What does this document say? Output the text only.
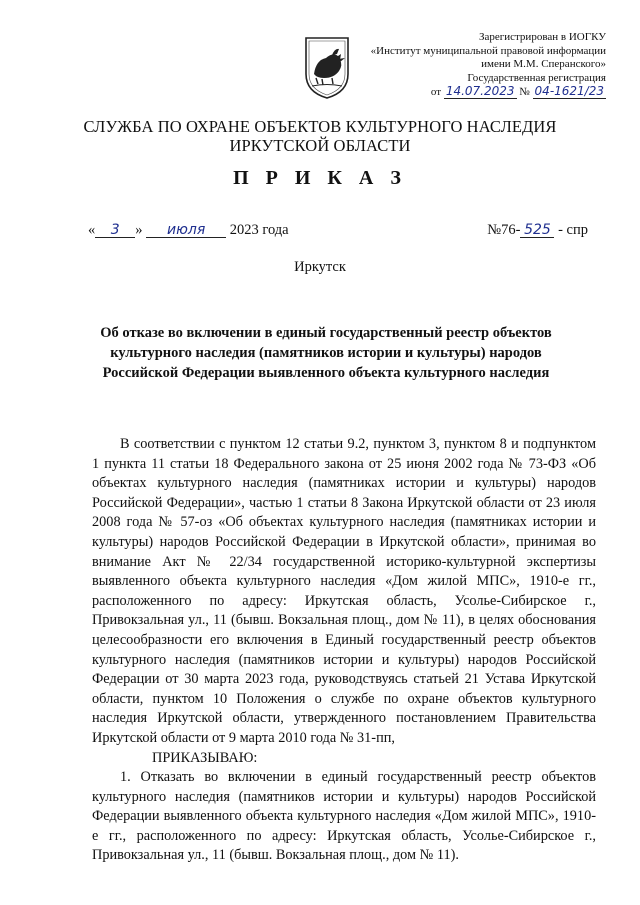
Зарегистрирован в ИОГКУ
«Институт муниципальной правовой информации
имени М.М. Сперанского»
Государственная регистрация
от 14.07.2023 № 04-1621/23
СЛУЖБА ПО ОХРАНЕ ОБЪЕКТОВ КУЛЬТУРНОГО НАСЛЕДИЯ
ИРКУТСКОЙ ОБЛАСТИ
П Р И К А З
« 3 » июля 2023 года	№76- 525 - спр
Иркутск
Об отказе во включении в единый государственный реестр объектов культурного наследия (памятников истории и культуры) народов Российской Федерации выявленного объекта культурного наследия

В соответствии с пунктом 12 статьи 9.2, пунктом 3, пунктом 8 и подпунктом 1 пункта 11 статьи 18 Федерального закона от 25 июня 2002 года № 73-ФЗ «Об объектах культурного наследия (памятниках истории и культуры) народов Российской Федерации», частью 1 статьи 8 Закона Иркутской области от 23 июля 2008 года № 57-оз «Об объектах культурного наследия (памятниках истории и культуры) народов Российской Федерации в Иркутской области», принимая во внимание Акт № 22/34 государственной историко-культурной экспертизы выявленного объекта культурного наследия «Дом жилой МПС», 1910-е гг., расположенного по адресу: Иркутская область, Усолье-Сибирское г., Привокзальная ул., 11 (бывш. Вокзальная площ., дом № 11), в целях обоснования целесообразности его включения в Единый государственный реестр объектов культурного наследия (памятников истории и культуры) народов Российской Федерации от 30 марта 2023 года, руководствуясь статьей 21 Устава Иркутской области, пунктом 10 Положения о службе по охране объектов культурного наследия Иркутской области, утвержденного постановлением Правительства Иркутской области от 9 марта 2010 года № 31-пп,

ПРИКАЗЫВАЮ:

1. Отказать во включении в единый государственный реестр объектов культурного наследия (памятников истории и культуры) народов Российской Федерации выявленного объекта культурного наследия «Дом жилой МПС», 1910-е гг., расположенного по адресу: Иркутская область, Усолье-Сибирское г., Привокзальная ул., 11 (бывш. Вокзальная площ., дом № 11).
